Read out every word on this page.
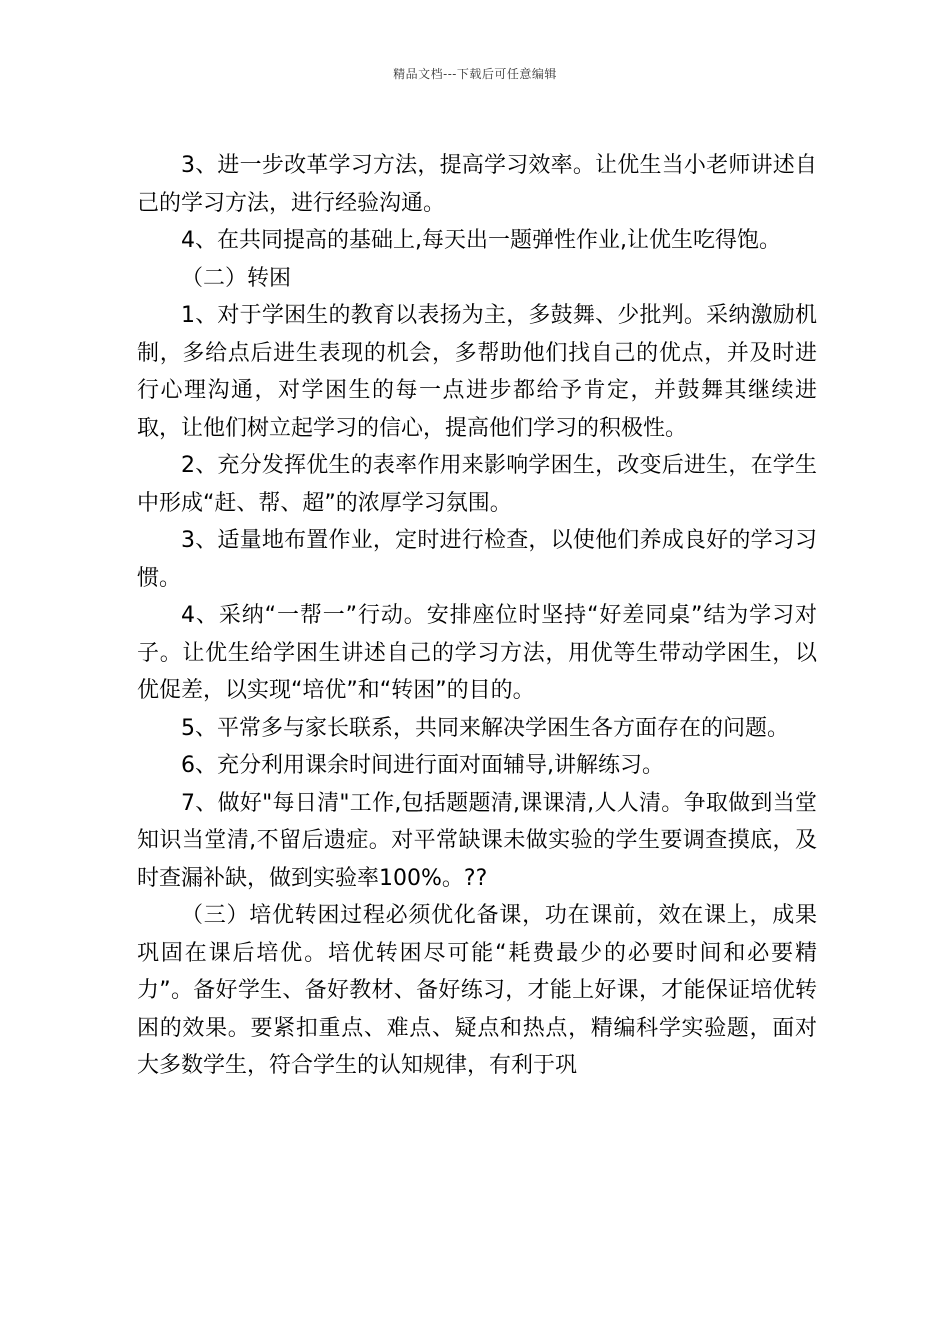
精品文档---下载后可任意编辑

3、进一步改革学习方法，提高学习效率。让优生当小老师讲述自己的学习方法，进行经验沟通。

4、在共同提高的基础上,每天出一题弹性作业,让优生吃得饱。

（二）转困

1、对于学困生的教育以表扬为主，多鼓舞、少批判。采纳激励机制，多给点后进生表现的机会，多帮助他们找自己的优点，并及时进行心理沟通，对学困生的每一点进步都给予肯定，并鼓舞其继续进取，让他们树立起学习的信心，提高他们学习的积极性。

2、充分发挥优生的表率作用来影响学困生，改变后进生，在学生中形成“赶、帮、超”的浓厚学习氛围。

3、适量地布置作业，定时进行检查，以使他们养成良好的学习习惯。

4、采纳“一帮一”行动。安排座位时坚持“好差同桌”结为学习对子。让优生给学困生讲述自己的学习方法，用优等生带动学困生，以优促差，以实现“培优”和“转困”的目的。

5、平常多与家长联系，共同来解决学困生各方面存在的问题。

6、充分利用课余时间进行面对面辅导,讲解练习。

7、做好"每日清"工作,包括题题清,课课清,人人清。争取做到当堂知识当堂清,不留后遗症。对平常缺课未做实验的学生要调查摸底，及时查漏补缺，做到实验率100%。??

（三）培优转困过程必须优化备课，功在课前，效在课上，成果巩固在课后培优。培优转困尽可能“耗费最少的必要时间和必要精力”。备好学生、备好教材、备好练习，才能上好课，才能保证培优转困的效果。要紧扣重点、难点、疑点和热点，精编科学实验题，面对大多数学生，符合学生的认知规律，有利于巩
